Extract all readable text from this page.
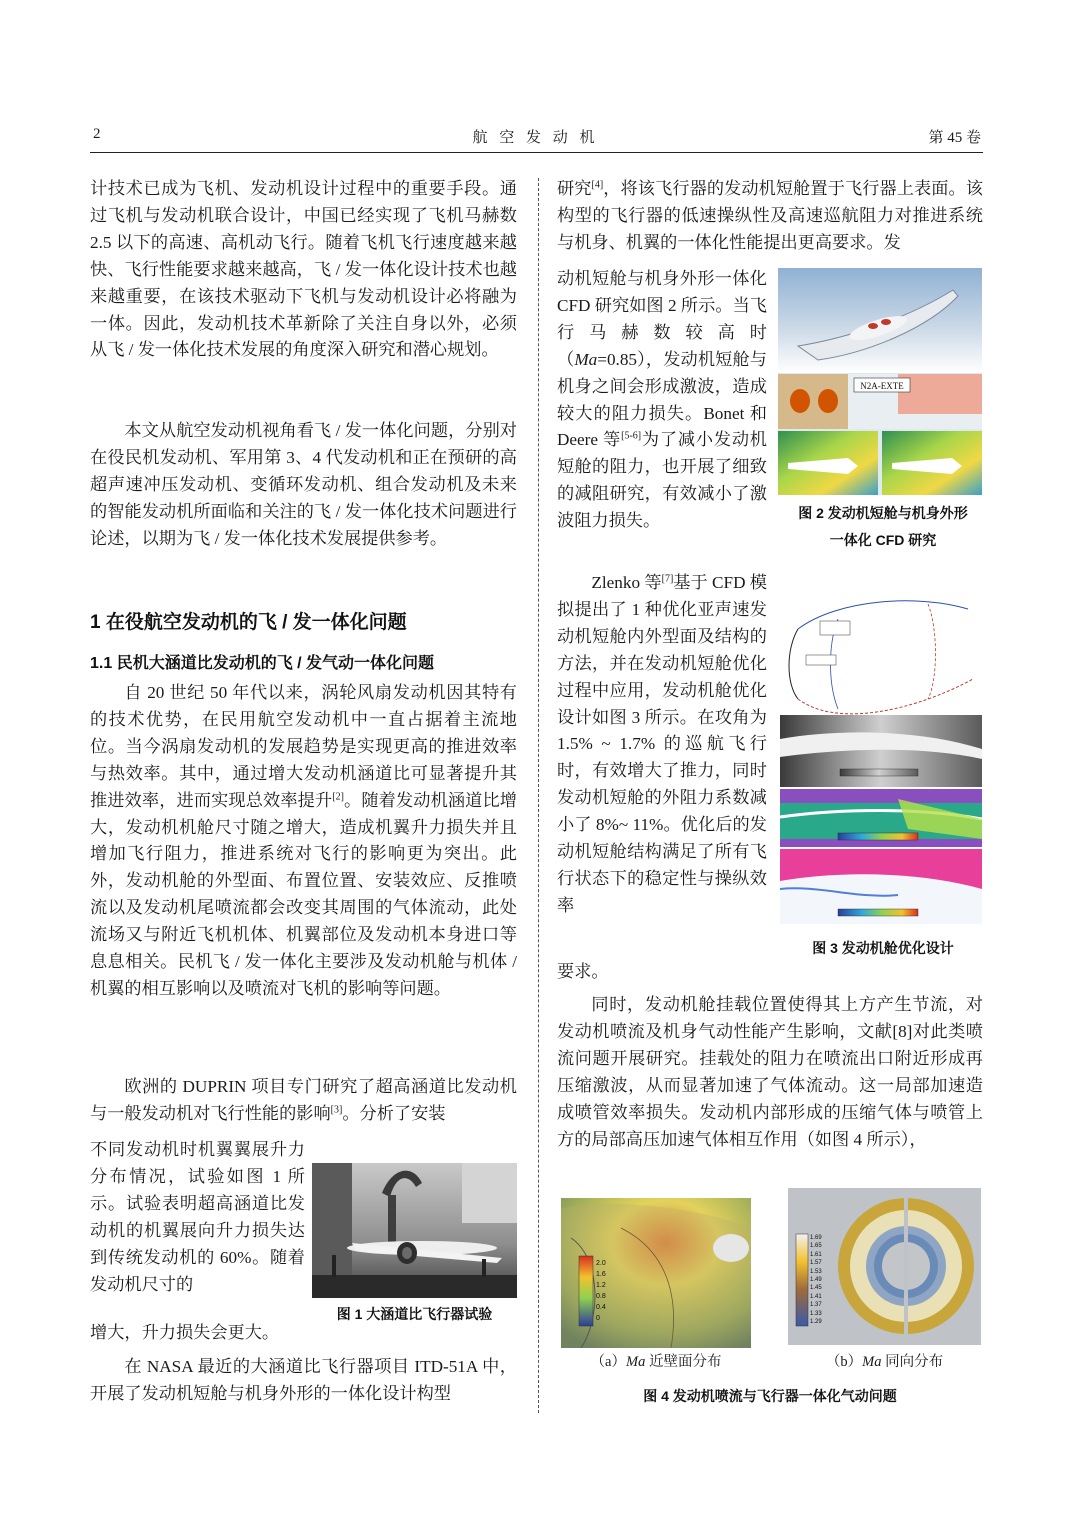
2	航 空 发 动 机	第 45 卷

计技术已成为飞机、发动机设计过程中的重要手段。通过飞机与发动机联合设计，中国已经实现了飞机马赫数 2.5 以下的高速、高机动飞行。随着飞机飞行速度越来越快、飞行性能要求越来越高，飞 / 发一体化设计技术也越来越重要，在该技术驱动下飞机与发动机设计必将融为一体。因此，发动机技术革新除了关注自身以外，必须从飞 / 发一体化技术发展的角度深入研究和潜心规划。

本文从航空发动机视角看飞 / 发一体化问题，分别对在役民机发动机、军用第 3、4 代发动机和正在预研的高超声速冲压发动机、变循环发动机、组合发动机及未来的智能发动机所面临和关注的飞 / 发一体化技术问题进行论述，以期为飞 / 发一体化技术发展提供参考。

1 在役航空发动机的飞 / 发一体化问题
1.1 民机大涵道比发动机的飞 / 发气动一体化问题

自 20 世纪 50 年代以来，涡轮风扇发动机因其特有的技术优势，在民用航空发动机中一直占据着主流地位。当今涡扇发动机的发展趋势是实现更高的推进效率与热效率。其中，通过增大发动机涵道比可显著提升其推进效率，进而实现总效率提升[2]。随着发动机涵道比增大，发动机机舱尺寸随之增大，造成机翼升力损失并且增加飞行阻力，推进系统对飞行的影响更为突出。此外，发动机舱的外型面、布置位置、安装效应、反推喷流以及发动机尾喷流都会改变其周围的气体流动，此处流场又与附近飞机机体、机翼部位及发动机本身进口等息息相关。民机飞 / 发一体化主要涉及发动机舱与机体 / 机翼的相互影响以及喷流对飞机的影响等问题。

欧洲的 DUPRIN 项目专门研究了超高涵道比发动机与一般发动机对飞行性能的影响[3]。分析了安装

不同发动机时机翼翼展升力分布情况，试验如图 1 所示。试验表明超高涵道比发动机的机翼展向升力损失达到传统发动机的 60%。随着发动机尺寸的

增大，升力损失会更大。

图 1 大涵道比飞行器试验

在 NASA 最近的大涵道比飞行器项目 ITD-51A 中，开展了发动机短舱与机身外形的一体化设计构型

研究[4]，将该飞行器的发动机短舱置于飞行器上表面。该构型的飞行器的低速操纵性及高速巡航阻力对推进系统与机身、机翼的一体化性能提出更高要求。发

动机短舱与机身外形一体化 CFD 研究如图 2 所示。当飞行马赫数较高时（Ma=0.85），发动机短舱与机身之间会形成激波，造成较大的阻力损失。Bonet 和 Deere 等[5-6]为了减小发动机短舱的阻力，也开展了细致的减阻研究，有效减小了激波阻力损失。

N2A-EXTE

图 2 发动机短舱与机身外形

一体化 CFD 研究

Zlenko 等[7]基于 CFD 模拟提出了 1 种优化亚声速发动机短舱内外型面及结构的方法，并在发动机短舱优化过程中应用，发动机舱优化设计如图 3 所示。在攻角为 1.5% ~ 1.7% 的巡航飞行时，有效增大了推力，同时发动机短舱的外阻力系数减小了 8%~ 11%。优化后的发动机短舱结构满足了所有飞行状态下的稳定性与操纵效率

要求。

图 3 发动机舱优化设计

同时，发动机舱挂载位置使得其上方产生节流，对发动机喷流及机身气动性能产生影响，文献[8]对此类喷流问题开展研究。挂载处的阻力在喷流出口附近形成再压缩激波，从而显著加速了气体流动。这一局部加速造成喷管效率损失。发动机内部形成的压缩气体与喷管上方的局部高压加速气体相互作用（如图 4 所示），

2.0
1.6
1.2
0.8
0.4
0
1.69
1.65
1.61
1.57
1.53
1.49
1.45
1.41
1.37
1.33
1.29

（a）Ma 近壁面分布	（b）Ma 同向分布

图 4 发动机喷流与飞行器一体化气动问题
